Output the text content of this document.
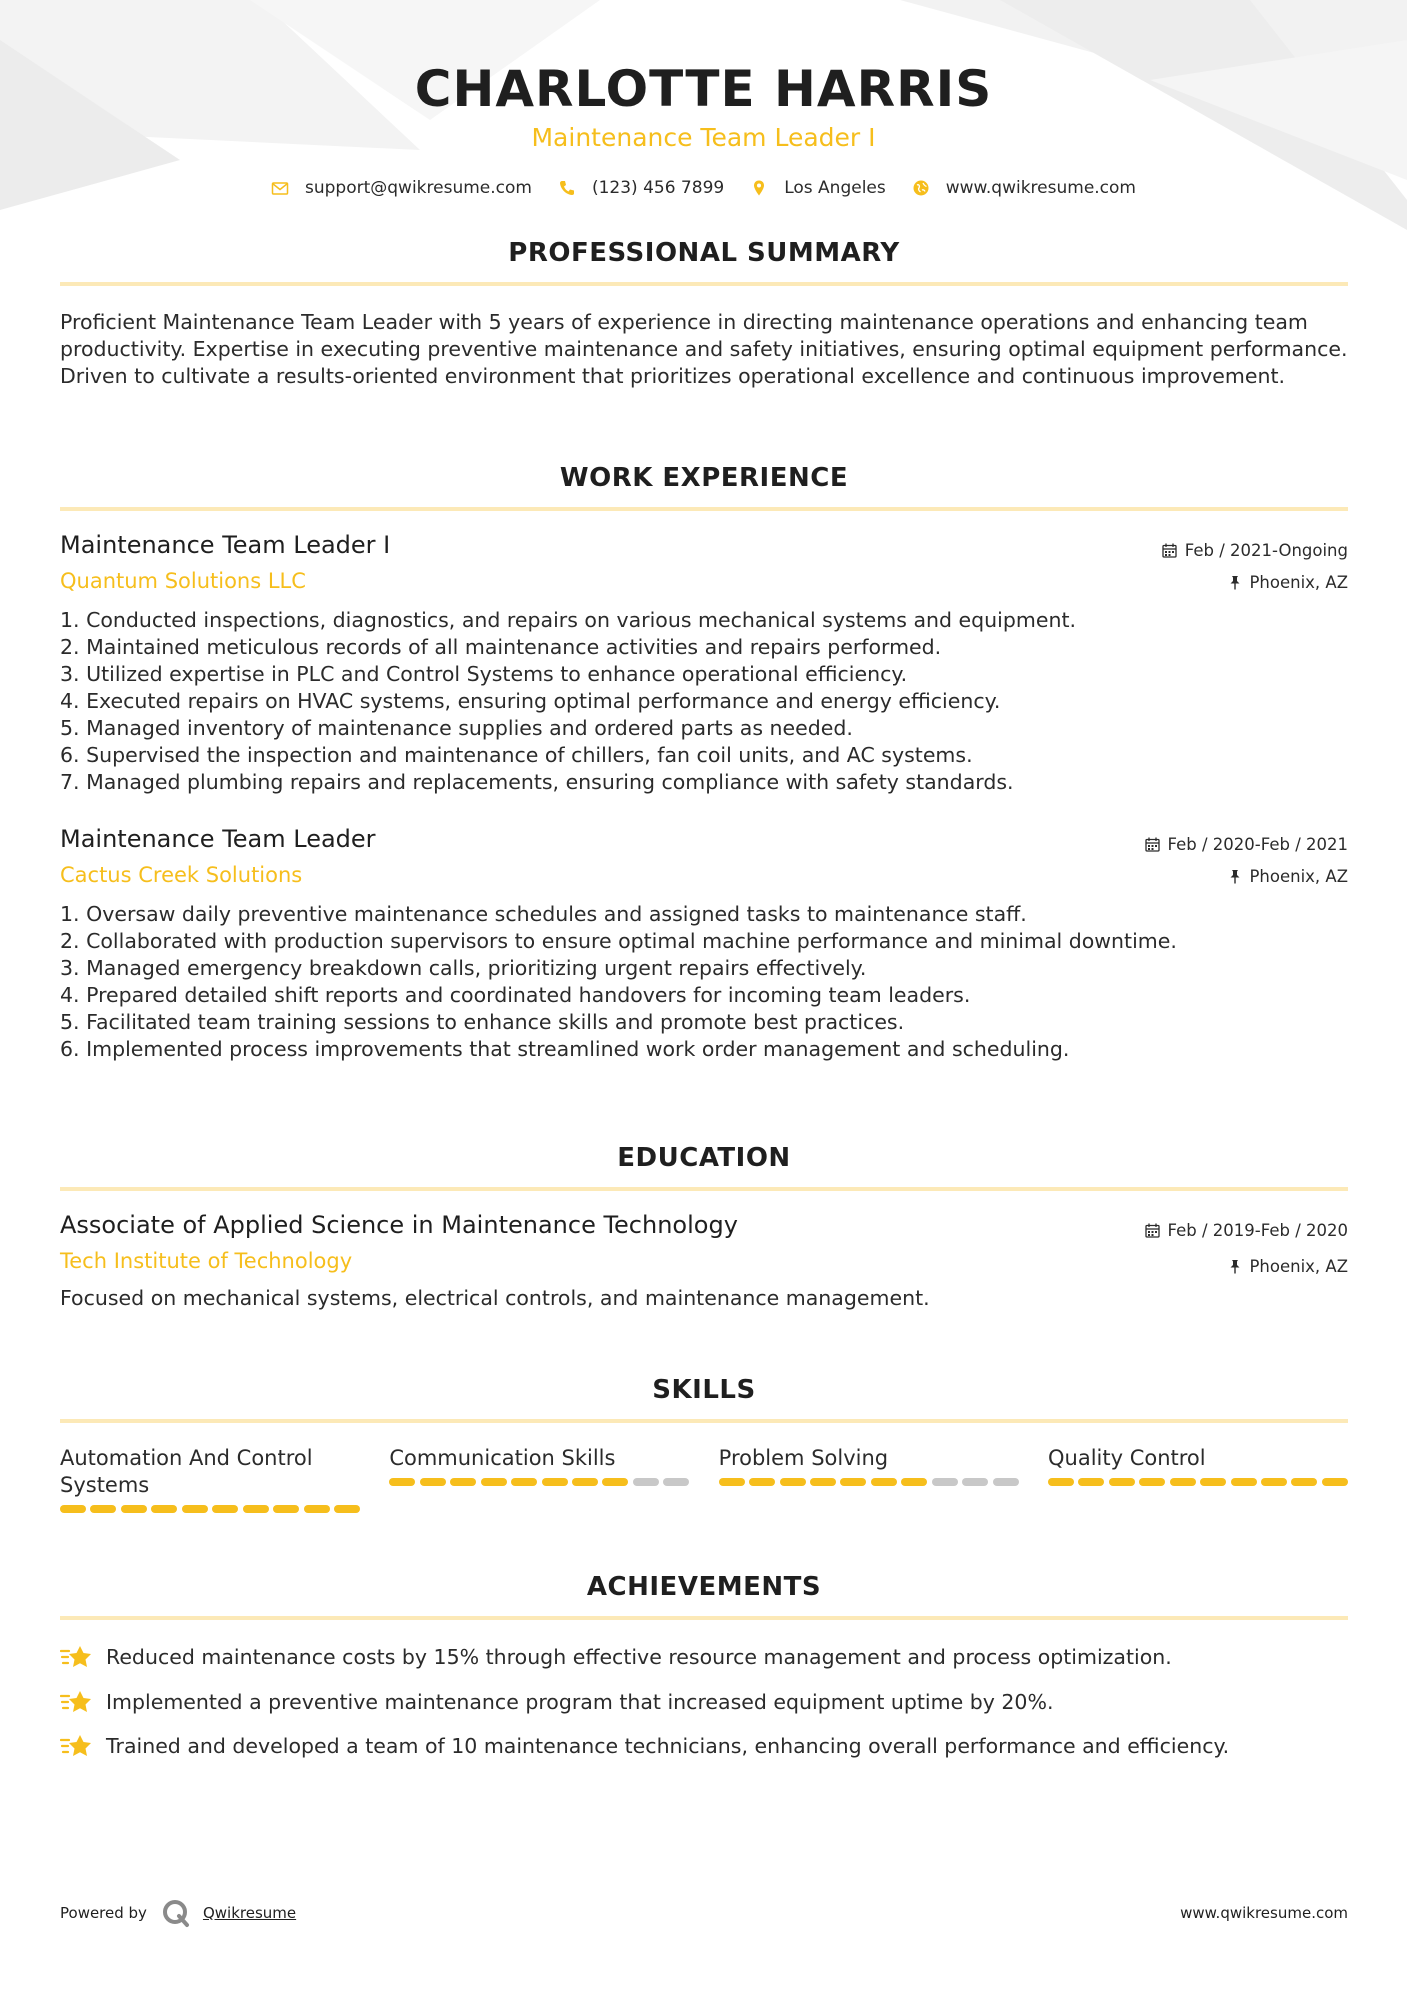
CHARLOTTE HARRIS
Maintenance Team Leader I
support@qwikresume.com	(123) 456 7899	Los Angeles	www.qwikresume.com
PROFESSIONAL SUMMARY
Proficient Maintenance Team Leader with 5 years of experience in directing maintenance operations and enhancing team productivity. Expertise in executing preventive maintenance and safety initiatives, ensuring optimal equipment performance. Driven to cultivate a results-oriented environment that prioritizes operational excellence and continuous improvement.
WORK EXPERIENCE
Maintenance Team Leader I
Quantum Solutions LLC
Feb / 2021-Ongoing
Phoenix, AZ
1. Conducted inspections, diagnostics, and repairs on various mechanical systems and equipment.
2. Maintained meticulous records of all maintenance activities and repairs performed.
3. Utilized expertise in PLC and Control Systems to enhance operational efficiency.
4. Executed repairs on HVAC systems, ensuring optimal performance and energy efficiency.
5. Managed inventory of maintenance supplies and ordered parts as needed.
6. Supervised the inspection and maintenance of chillers, fan coil units, and AC systems.
7. Managed plumbing repairs and replacements, ensuring compliance with safety standards.
Maintenance Team Leader
Cactus Creek Solutions
Feb / 2020-Feb / 2021
Phoenix, AZ
1. Oversaw daily preventive maintenance schedules and assigned tasks to maintenance staff.
2. Collaborated with production supervisors to ensure optimal machine performance and minimal downtime.
3. Managed emergency breakdown calls, prioritizing urgent repairs effectively.
4. Prepared detailed shift reports and coordinated handovers for incoming team leaders.
5. Facilitated team training sessions to enhance skills and promote best practices.
6. Implemented process improvements that streamlined work order management and scheduling.
EDUCATION
Associate of Applied Science in Maintenance Technology
Tech Institute of Technology
Feb / 2019-Feb / 2020
Phoenix, AZ
Focused on mechanical systems, electrical controls, and maintenance management.
SKILLS
Automation And Control Systems
Communication Skills	Problem Solving	Quality Control
ACHIEVEMENTS
Reduced maintenance costs by 15% through effective resource management and process optimization.
Implemented a preventive maintenance program that increased equipment uptime by 20%.
Trained and developed a team of 10 maintenance technicians, enhancing overall performance and efficiency.
Powered by	Qwikresume	www.qwikresume.com
